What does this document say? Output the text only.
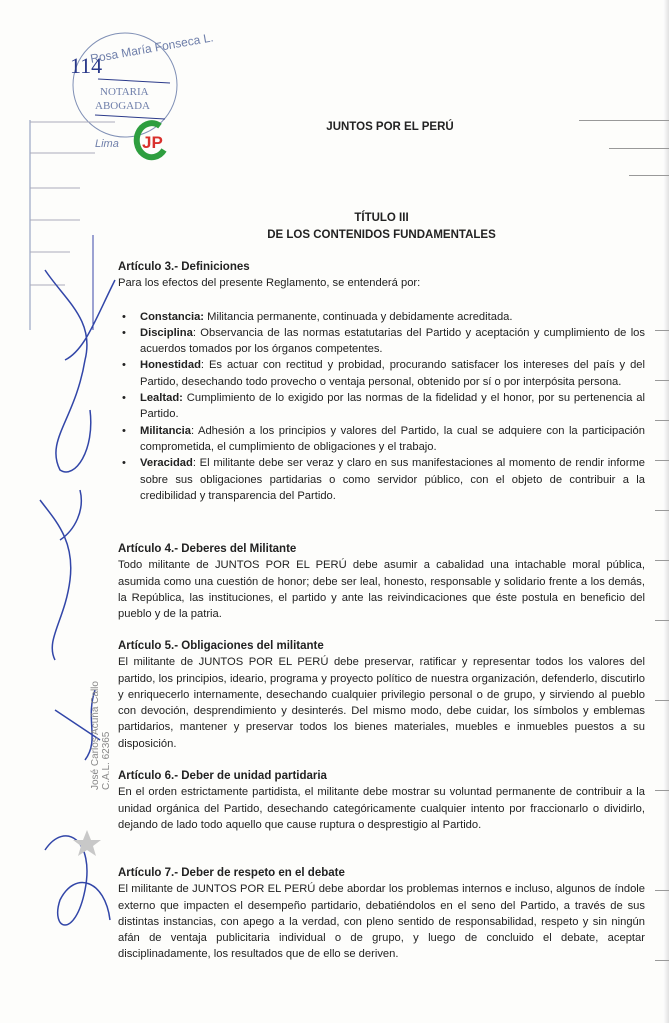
Rosa María Fonseca L.
114
NOTARIA
ABOGADA
Lima JP
José Carlos Acuña Callo C.A.L. 62365
JUNTOS POR EL PERÚ
TÍTULO III
DE LOS CONTENIDOS FUNDAMENTALES
Artículo 3.- Definiciones

Para los efectos del presente Reglamento, se entenderá por:

• Constancia: Militancia permanente, continuada y debidamente acreditada.
• Disciplina: Observancia de las normas estatutarias del Partido y aceptación y cumplimiento de los acuerdos tomados por los órganos competentes.
• Honestidad: Es actuar con rectitud y probidad, procurando satisfacer los intereses del país y del Partido, desechando todo provecho o ventaja personal, obtenido por sí o por interpósita persona.
• Lealtad: Cumplimiento de lo exigido por las normas de la fidelidad y el honor, por su pertenencia al Partido.
• Militancia: Adhesión a los principios y valores del Partido, la cual se adquiere con la participación comprometida, el cumplimiento de obligaciones y el trabajo.
• Veracidad: El militante debe ser veraz y claro en sus manifestaciones al momento de rendir informe sobre sus obligaciones partidarias o como servidor público, con el objeto de contribuir a la credibilidad y transparencia del Partido.
Artículo 4.- Deberes del Militante

Todo militante de JUNTOS POR EL PERÚ debe asumir a cabalidad una intachable moral pública, asumida como una cuestión de honor; debe ser leal, honesto, responsable y solidario frente a los demás, la República, las instituciones, el partido y ante las reivindicaciones que éste postula en beneficio del pueblo y de la patria.

Artículo 5.- Obligaciones del militante

El militante de JUNTOS POR EL PERÚ debe preservar, ratificar y representar todos los valores del partido, los principios, ideario, programa y proyecto político de nuestra organización, defenderlo, discutirlo y enriquecerlo internamente, desechando cualquier privilegio personal o de grupo, y sirviendo al pueblo con devoción, desprendimiento y desinterés. Del mismo modo, debe cuidar, los símbolos y emblemas partidarios, mantener y preservar todos los bienes materiales, muebles e inmuebles puestos a su disposición.

Artículo 6.- Deber de unidad partidaria

En el orden estrictamente partidista, el militante debe mostrar su voluntad permanente de contribuir a la unidad orgánica del Partido, desechando categóricamente cualquier intento por fraccionarlo o dividirlo, dejando de lado todo aquello que cause ruptura o desprestigio al Partido.

Artículo 7.- Deber de respeto en el debate

El militante de JUNTOS POR EL PERÚ debe abordar los problemas internos e incluso, algunos de índole externo que impacten el desempeño partidario, debatiéndolos en el seno del Partido, a través de sus distintas instancias, con apego a la verdad, con pleno sentido de responsabilidad, respeto y sin ningún afán de ventaja publicitaria individual o de grupo, y luego de concluido el debate, aceptar disciplinadamente, los resultados que de ello se deriven.
